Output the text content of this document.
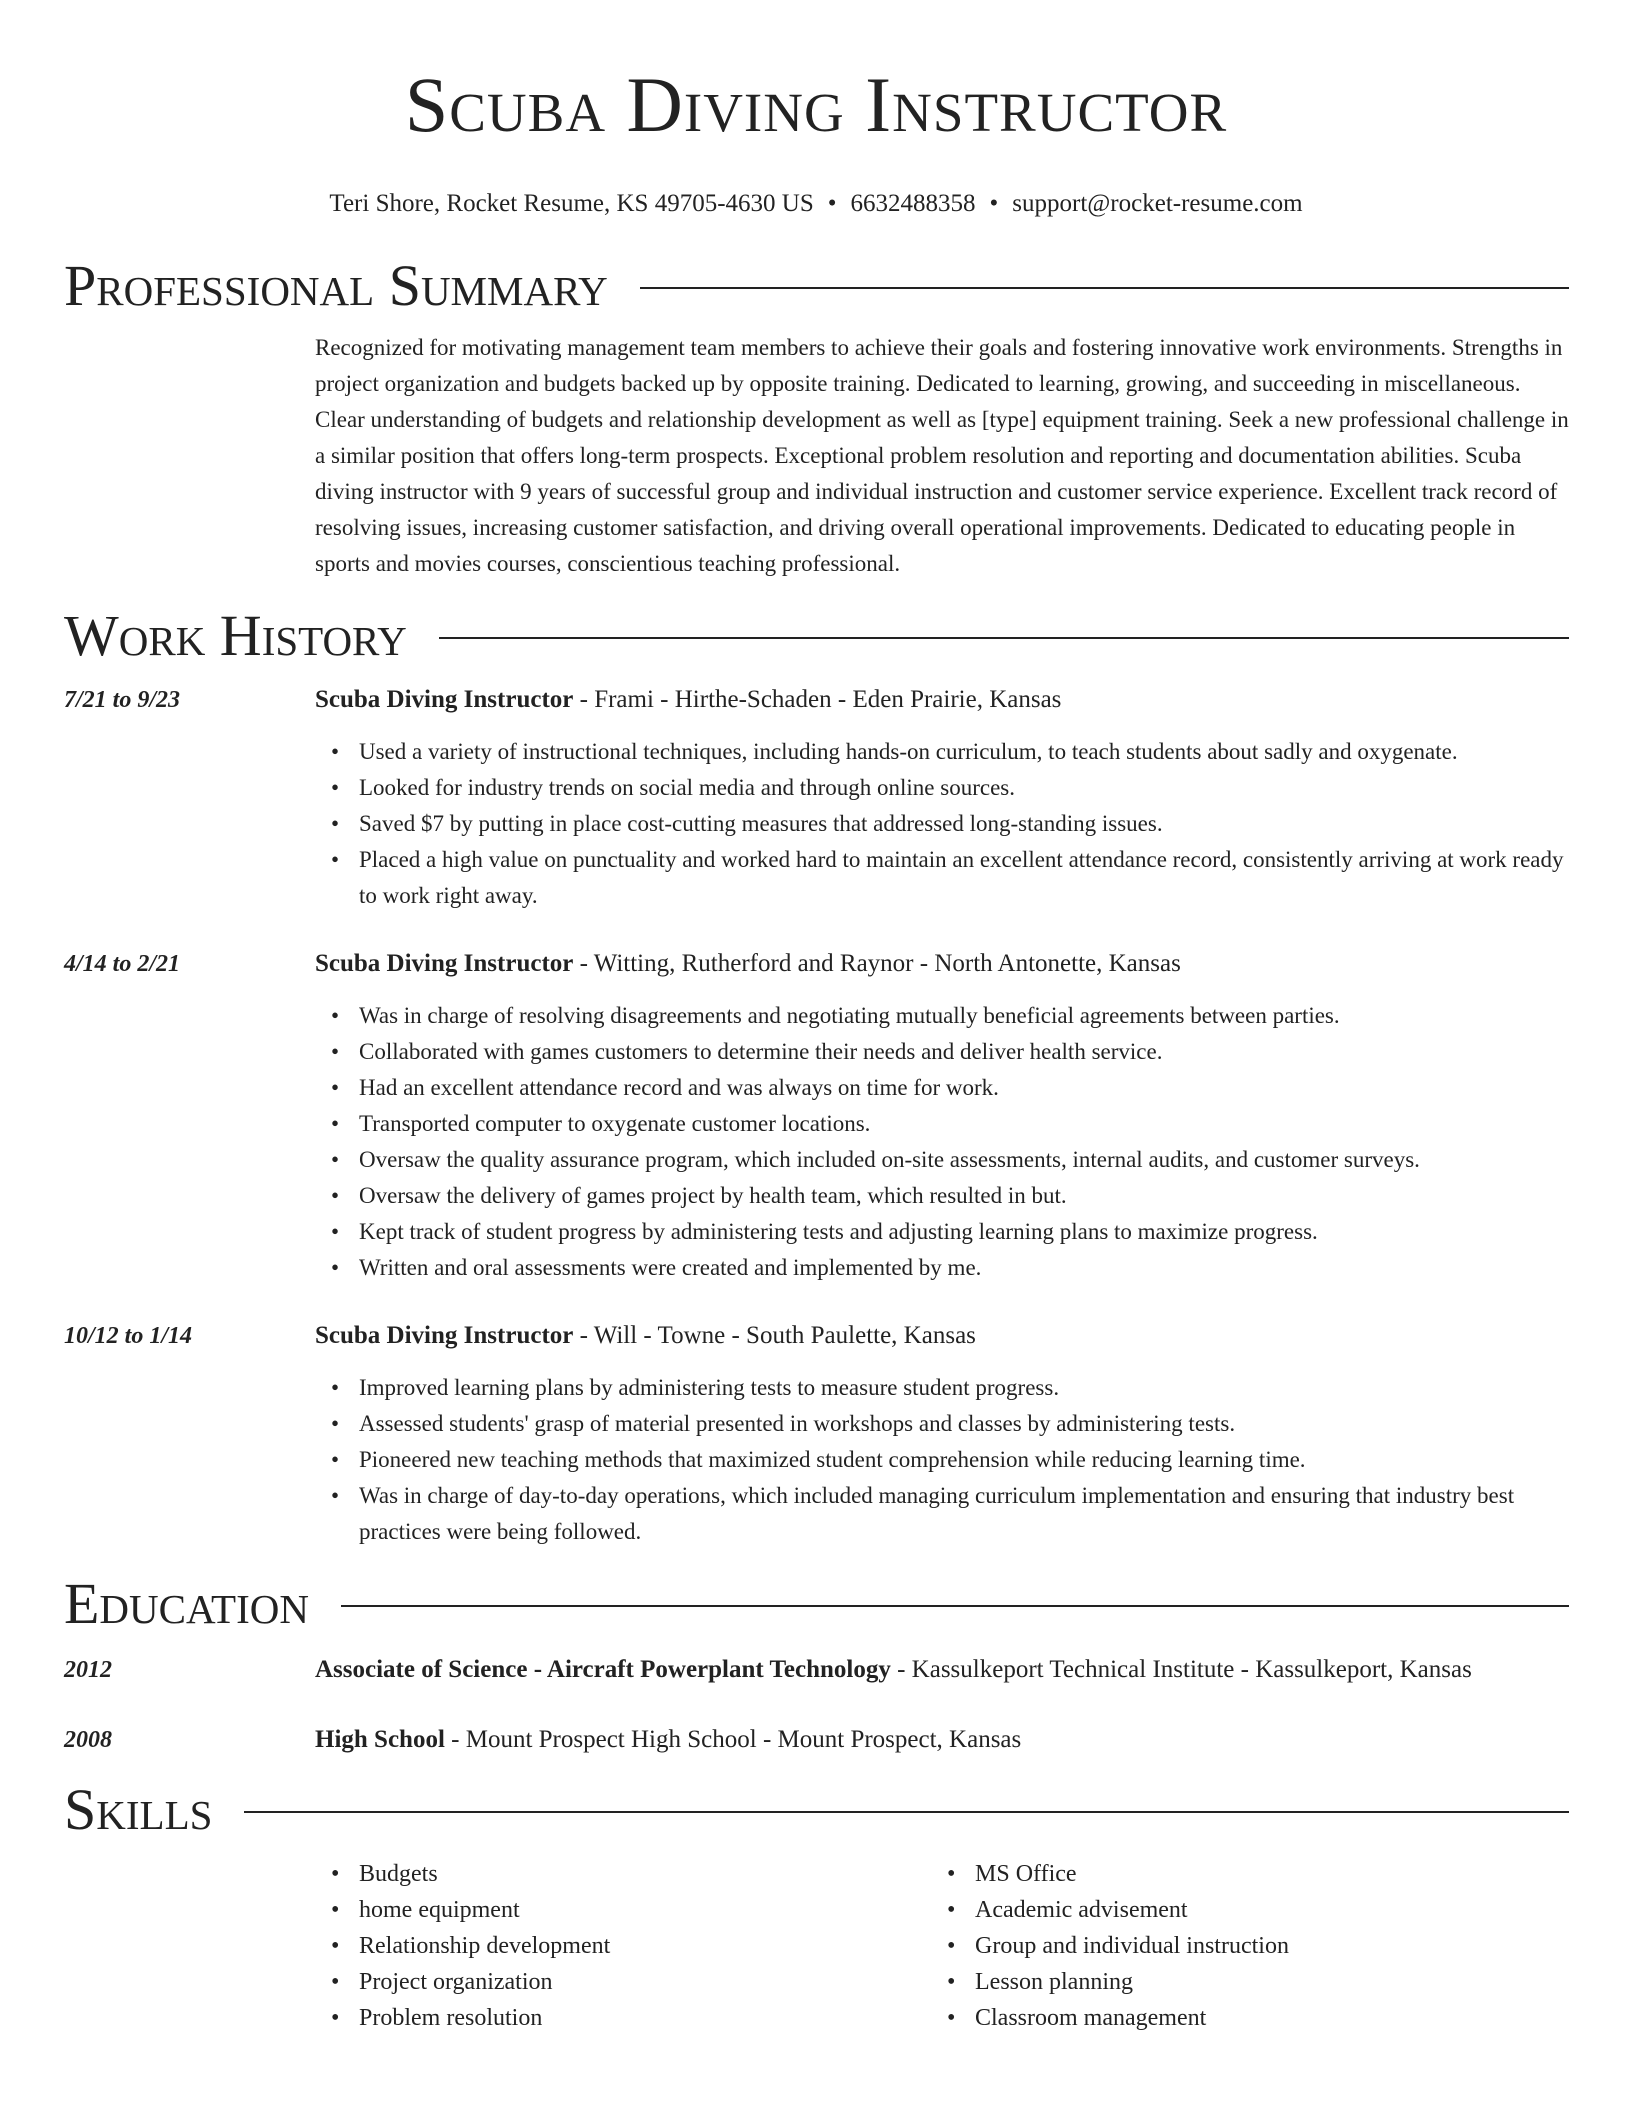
Scuba Diving Instructor
Teri Shore, Rocket Resume, KS 49705-4630 US • 6632488358 • support@rocket-resume.com
Professional Summary
Recognized for motivating management team members to achieve their goals and fostering innovative work environments. Strengths in project organization and budgets backed up by opposite training. Dedicated to learning, growing, and succeeding in miscellaneous. Clear understanding of budgets and relationship development as well as [type] equipment training. Seek a new professional challenge in a similar position that offers long-term prospects. Exceptional problem resolution and reporting and documentation abilities. Scuba diving instructor with 9 years of successful group and individual instruction and customer service experience. Excellent track record of resolving issues, increasing customer satisfaction, and driving overall operational improvements. Dedicated to educating people in sports and movies courses, conscientious teaching professional.
Work History
7/21 to 9/23	Scuba Diving Instructor - Frami - Hirthe-Schaden - Eden Prairie, Kansas
• Used a variety of instructional techniques, including hands-on curriculum, to teach students about sadly and oxygenate.
• Looked for industry trends on social media and through online sources.
• Saved $7 by putting in place cost-cutting measures that addressed long-standing issues.
• Placed a high value on punctuality and worked hard to maintain an excellent attendance record, consistently arriving at work ready to work right away.
4/14 to 2/21	Scuba Diving Instructor - Witting, Rutherford and Raynor - North Antonette, Kansas
• Was in charge of resolving disagreements and negotiating mutually beneficial agreements between parties.
• Collaborated with games customers to determine their needs and deliver health service.
• Had an excellent attendance record and was always on time for work.
• Transported computer to oxygenate customer locations.
• Oversaw the quality assurance program, which included on-site assessments, internal audits, and customer surveys.
• Oversaw the delivery of games project by health team, which resulted in but.
• Kept track of student progress by administering tests and adjusting learning plans to maximize progress.
• Written and oral assessments were created and implemented by me.
10/12 to 1/14	Scuba Diving Instructor - Will - Towne - South Paulette, Kansas
• Improved learning plans by administering tests to measure student progress.
• Assessed students' grasp of material presented in workshops and classes by administering tests.
• Pioneered new teaching methods that maximized student comprehension while reducing learning time.
• Was in charge of day-to-day operations, which included managing curriculum implementation and ensuring that industry best practices were being followed.
Education
2012	Associate of Science - Aircraft Powerplant Technology - Kassulkeport Technical Institute - Kassulkeport, Kansas
2008	High School - Mount Prospect High School - Mount Prospect, Kansas
Skills
• Budgets
• home equipment
• Relationship development
• Project organization
• Problem resolution
• MS Office
• Academic advisement
• Group and individual instruction
• Lesson planning
• Classroom management
